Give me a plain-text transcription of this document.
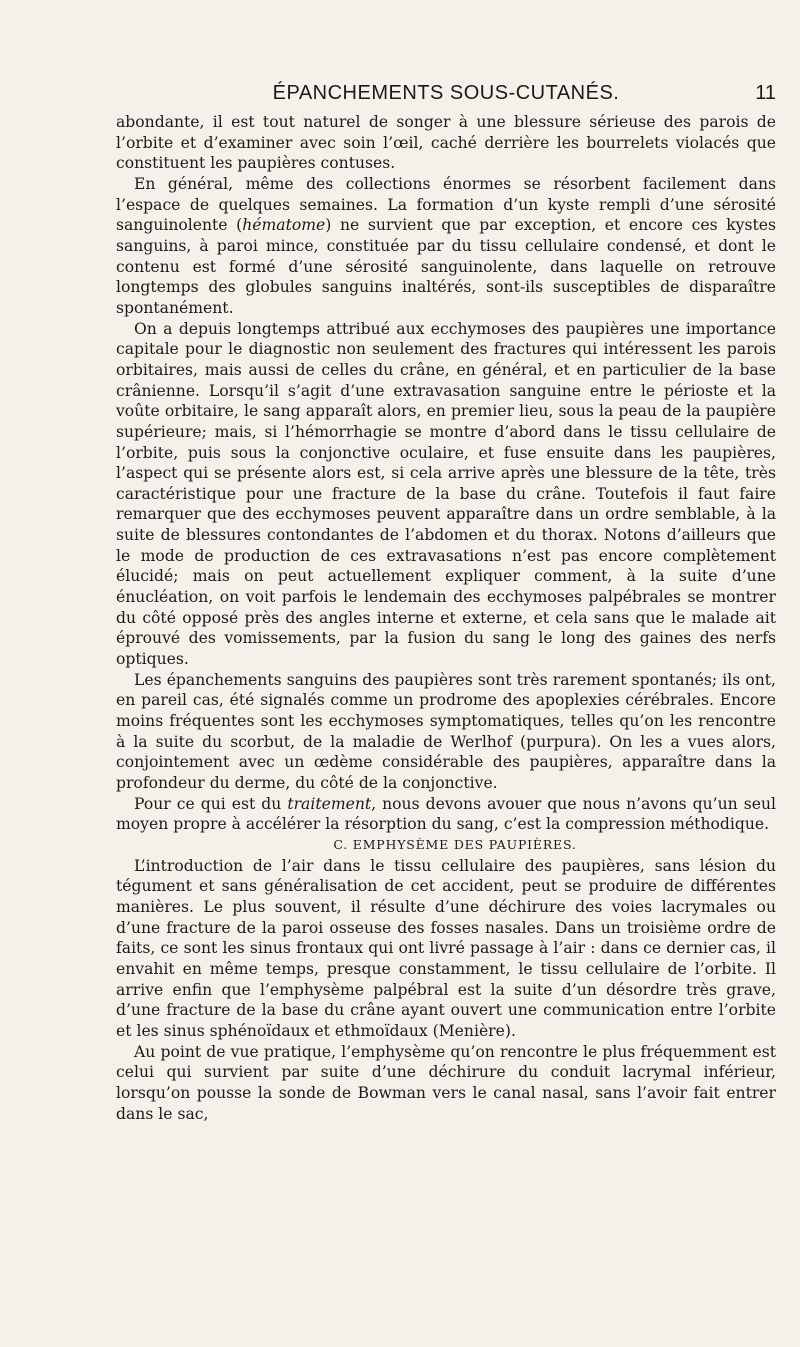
ÉPANCHEMENTS SOUS-CUTANÉS.	11

abondante, il est tout naturel de songer à une blessure sérieuse des parois de l’orbite et d’examiner avec soin l’œil, caché derrière les bourrelets violacés que constituent les paupières contuses.

En général, même des collections énormes se résorbent facilement dans l’espace de quelques semaines. La formation d’un kyste rempli d’une sérosité sanguinolente (hématome) ne survient que par exception, et encore ces kystes sanguins, à paroi mince, constituée par du tissu cellulaire condensé, et dont le contenu est formé d’une sérosité sanguinolente, dans laquelle on retrouve longtemps des globules sanguins inaltérés, sont-ils susceptibles de disparaître spontanément.

On a depuis longtemps attribué aux ecchymoses des paupières une importance capitale pour le diagnostic non seulement des fractures qui intéressent les parois orbitaires, mais aussi de celles du crâne, en général, et en particulier de la base crânienne. Lorsqu’il s’agit d’une extravasation sanguine entre le périoste et la voûte orbitaire, le sang apparaît alors, en premier lieu, sous la peau de la paupière supérieure; mais, si l’hémorrhagie se montre d’abord dans le tissu cellulaire de l’orbite, puis sous la conjonctive oculaire, et fuse ensuite dans les paupières, l’aspect qui se présente alors est, si cela arrive après une blessure de la tête, très caractéristique pour une fracture de la base du crâne. Toutefois il faut faire remarquer que des ecchymoses peuvent apparaître dans un ordre semblable, à la suite de blessures contondantes de l’abdomen et du thorax. Notons d’ailleurs que le mode de production de ces extravasations n’est pas encore complètement élucidé; mais on peut actuellement expliquer comment, à la suite d’une énucléation, on voit parfois le lendemain des ecchymoses palpébrales se montrer du côté opposé près des angles interne et externe, et cela sans que le malade ait éprouvé des vomissements, par la fusion du sang le long des gaines des nerfs optiques.

Les épanchements sanguins des paupières sont très rarement spontanés; ils ont, en pareil cas, été signalés comme un prodrome des apoplexies cérébrales. Encore moins fréquentes sont les ecchymoses symptomatiques, telles qu’on les rencontre à la suite du scorbut, de la maladie de Werlhof (purpura). On les a vues alors, conjointement avec un œdème considérable des paupières, apparaître dans la profondeur du derme, du côté de la conjonctive.

Pour ce qui est du traitement, nous devons avouer que nous n’avons qu’un seul moyen propre à accélérer la résorption du sang, c’est la compression méthodique.

C. EMPHYSÈME DES PAUPIÈRES.

L’introduction de l’air dans le tissu cellulaire des paupières, sans lésion du tégument et sans généralisation de cet accident, peut se produire de différentes manières. Le plus souvent, il résulte d’une déchirure des voies lacrymales ou d’une fracture de la paroi osseuse des fosses nasales. Dans un troisième ordre de faits, ce sont les sinus frontaux qui ont livré passage à l’air : dans ce dernier cas, il envahit en même temps, presque constamment, le tissu cellulaire de l’orbite. Il arrive enfin que l’emphysème palpébral est la suite d’un désordre très grave, d’une fracture de la base du crâne ayant ouvert une communication entre l’orbite et les sinus sphénoïdaux et ethmoïdaux (Menière).

Au point de vue pratique, l’emphysème qu’on rencontre le plus fréquemment est celui qui survient par suite d’une déchirure du conduit lacrymal inférieur, lorsqu’on pousse la sonde de Bowman vers le canal nasal, sans l’avoir fait entrer dans le sac,
